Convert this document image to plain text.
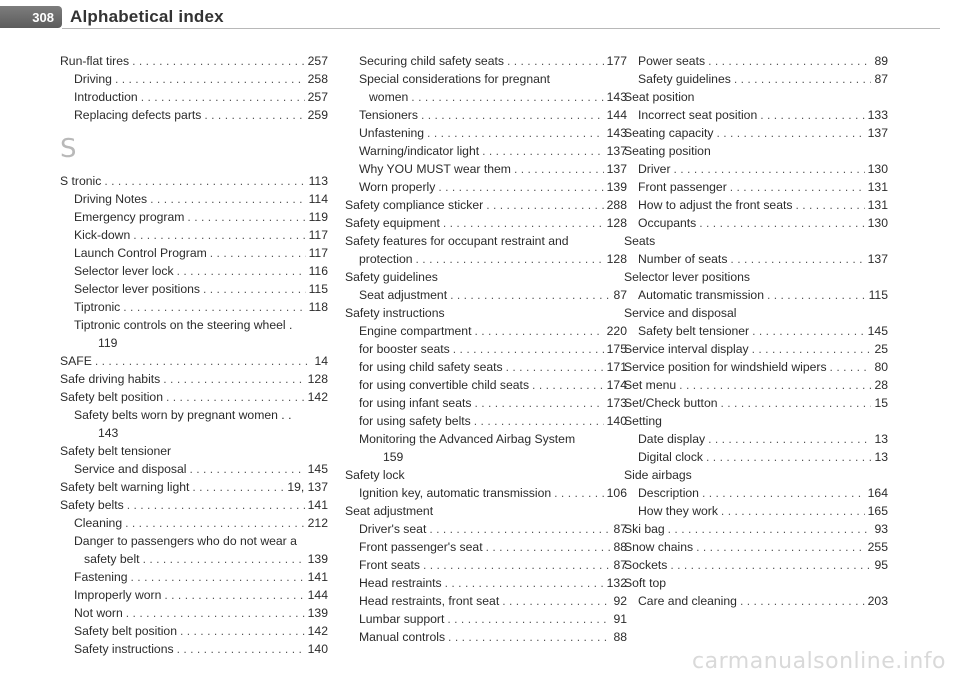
308 Alphabetical index
Run-flat tires . . .	257
Driving . . .	258
Introduction . . .	257
Replacing defects parts . . .	259
S
S tronic . . .	113
Driving Notes . . .	114
Emergency program . . .	119
Kick-down . . .	117
Launch Control Program . . .	117
Selector lever lock . . .	116
Selector lever positions . . .	115
Tiptronic . . .	118
Tiptronic controls on the steering wheel .
119
SAFE . . .	14
Safe driving habits . . .	128
Safety belt position . . .	142
Safety belts worn by pregnant women . .
143
Safety belt tensioner
Service and disposal . . .	145
Safety belt warning light . . .	19, 137
Safety belts . . .	141
Cleaning . . .	212
Danger to passengers who do not wear a
safety belt . . .	139
Fastening . . .	141
Improperly worn . . .	144
Not worn . . .	139
Safety belt position . . .	142
Safety instructions . . .	140
Securing child safety seats . . .	177
Special considerations for pregnant
women . . .	143
Tensioners . . .	144
Unfastening . . .	143
Warning/indicator light . . .	137
Why YOU MUST wear them . . .	137
Worn properly . . .	139
Safety compliance sticker . . .	288
Safety equipment . . .	128
Safety features for occupant restraint and
protection . . .	128
Safety guidelines
Seat adjustment . . .	87
Safety instructions
Engine compartment . . .	220
for booster seats . . .	175
for using child safety seats . . .	171
for using convertible child seats . . .	174
for using infant seats . . .	173
for using safety belts . . .	140
Monitoring the Advanced Airbag System
159
Safety lock
Ignition key, automatic transmission . . .	106
Seat adjustment
Driver's seat . . .	87
Front passenger's seat . . .	88
Front seats . . .	87
Head restraints . . .	132
Head restraints, front seat . . .	92
Lumbar support . . .	91
Manual controls . . .	88
Power seats . . .	89
Safety guidelines . . .	87
Seat position
Incorrect seat position . . .	133
Seating capacity . . .	137
Seating position
Driver . . .	130
Front passenger . . .	131
How to adjust the front seats . . .	131
Occupants . . .	130
Seats
Number of seats . . .	137
Selector lever positions
Automatic transmission . . .	115
Service and disposal
Safety belt tensioner . . .	145
Service interval display . . .	25
Service position for windshield wipers . . .	80
Set menu . . .	28
Set/Check button . . .	15
Setting
Date display . . .	13
Digital clock . . .	13
Side airbags
Description . . .	164
How they work . . .	165
Ski bag . . .	93
Snow chains . . .	255
Sockets . . .	95
Soft top
Care and cleaning . . .	203
carmanualsonline.info
